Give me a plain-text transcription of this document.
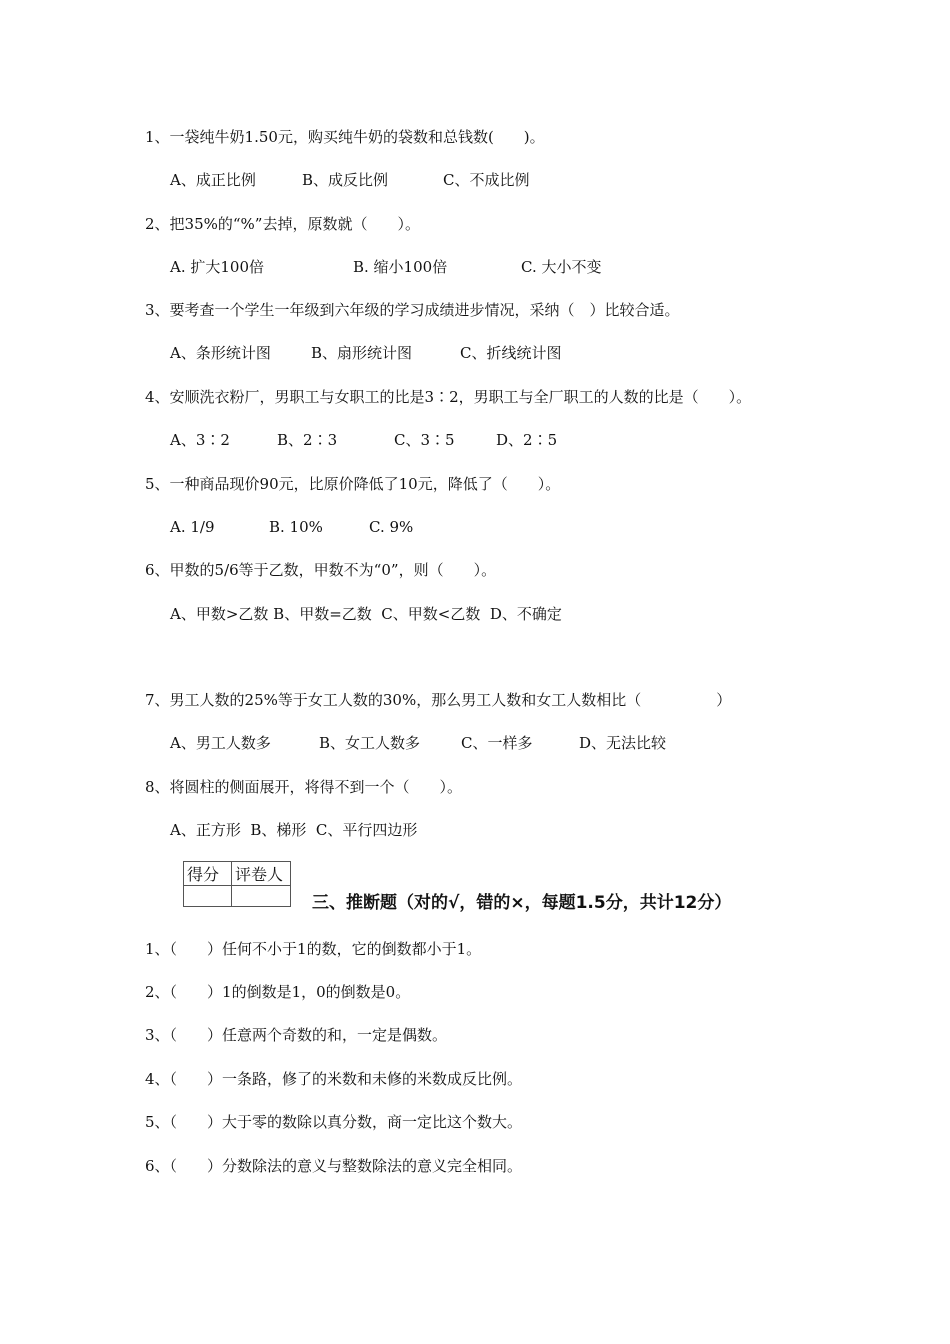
1、一袋纯牛奶1.50元，购买纯牛奶的袋数和总钱数(　　)。
A、成正比例	B、成反比例	C、不成比例
2、把35%的“%”去掉，原数就（　　）。
A. 扩大100倍	B. 缩小100倍	C. 大小不变
3、要考查一个学生一年级到六年级的学习成绩进步情况，采纳（　）比较合适。
A、条形统计图	B、扇形统计图	C、折线统计图
4、安顺洗衣粉厂，男职工与女职工的比是3∶2，男职工与全厂职工的人数的比是（　　）。
A、3∶2	B、2∶3	C、3∶5	D、2∶5
5、一种商品现价90元，比原价降低了10元，降低了（　　）。
A. 1/9	B. 10%	C. 9%
6、甲数的5/6等于乙数，甲数不为“0”，则（　　）。
A、甲数>乙数 B、甲数=乙数  C、甲数<乙数  D、不确定
7、男工人数的25%等于女工人数的30%，那么男工人数和女工人数相比（　　　　　）
A、男工人数多	B、女工人数多	C、一样多	D、无法比较
8、将圆柱的侧面展开，将得不到一个（　　）。
A、正方形  B、梯形  C、平行四边形
得分	评卷人

三、推断题（对的√，错的×，每题1.5分，共计12分）
1、（　　）任何不小于1的数，它的倒数都小于1。
2、（　　）1的倒数是1，0的倒数是0。
3、（　　）任意两个奇数的和，一定是偶数。
4、（　　）一条路，修了的米数和未修的米数成反比例。
5、（　　）大于零的数除以真分数，商一定比这个数大。
6、（　　）分数除法的意义与整数除法的意义完全相同。
